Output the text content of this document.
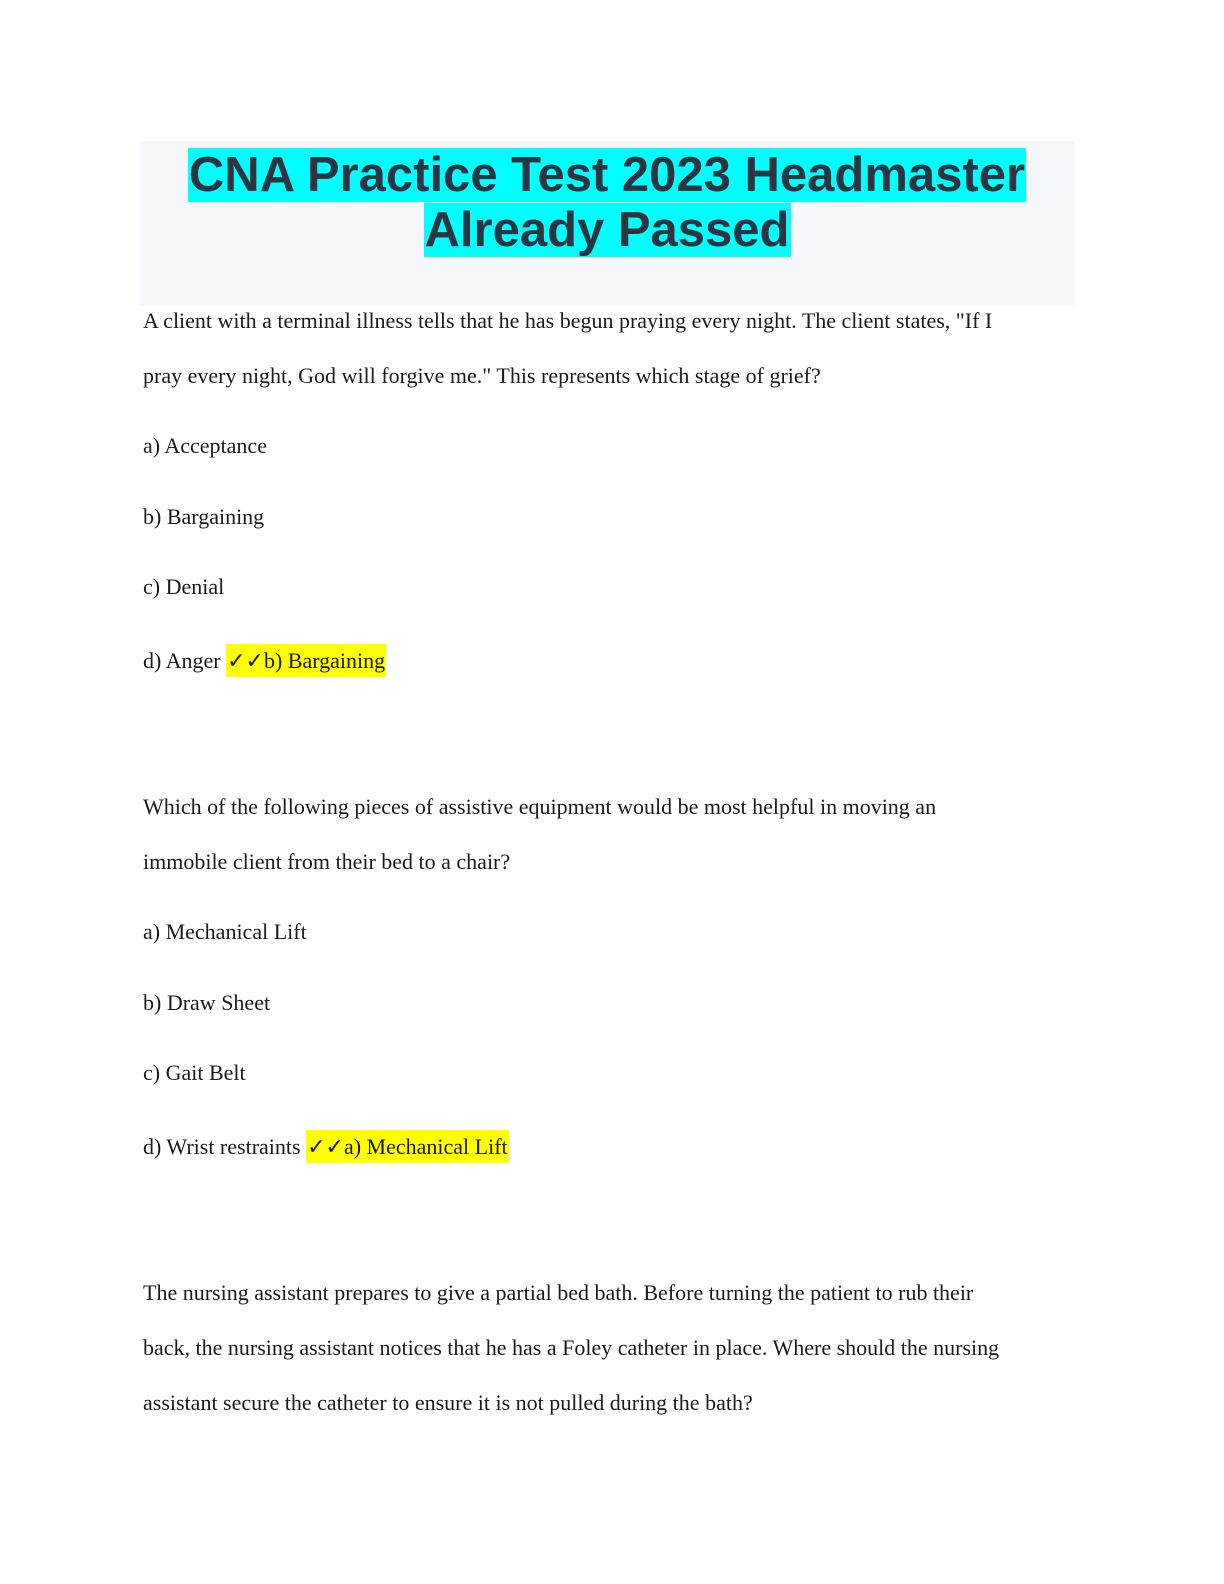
CNA Practice Test 2023 Headmaster
Already Passed
A client with a terminal illness tells that he has begun praying every night. The client states, "If I
pray every night, God will forgive me." This represents which stage of grief?
a) Acceptance
b) Bargaining
c) Denial
d) Anger ✓✓b) Bargaining
Which of the following pieces of assistive equipment would be most helpful in moving an
immobile client from their bed to a chair?
a) Mechanical Lift
b) Draw Sheet
c) Gait Belt
d) Wrist restraints ✓✓a) Mechanical Lift
The nursing assistant prepares to give a partial bed bath. Before turning the patient to rub their
back, the nursing assistant notices that he has a Foley catheter in place. Where should the nursing
assistant secure the catheter to ensure it is not pulled during the bath?
